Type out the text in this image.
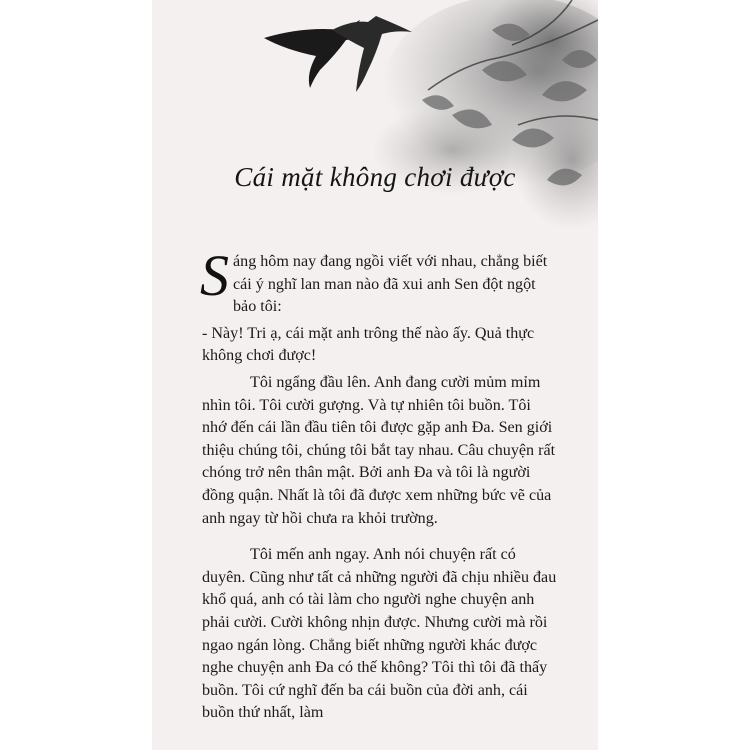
Cái mặt không chơi được

Sáng hôm nay đang ngồi viết với nhau, chẳng biết cái ý nghĩ lan man nào đã xui anh Sen đột ngột bảo tôi:

- Này! Tri ạ, cái mặt anh trông thế nào ấy. Quả thực không chơi được!

Tôi ngẩng đầu lên. Anh đang cười mủm mỉm nhìn tôi. Tôi cười gượng. Và tự nhiên tôi buồn. Tôi nhớ đến cái lần đầu tiên tôi được gặp anh Đa. Sen giới thiệu chúng tôi, chúng tôi bắt tay nhau. Câu chuyện rất chóng trở nên thân mật. Bởi anh Đa và tôi là người đồng quận. Nhất là tôi đã được xem những bức vẽ của anh ngay từ hồi chưa ra khỏi trường.

Tôi mến anh ngay. Anh nói chuyện rất có duyên. Cũng như tất cả những người đã chịu nhiều đau khổ quá, anh có tài làm cho người nghe chuyện anh phải cười. Cười không nhịn được. Nhưng cười mà rồi ngao ngán lòng. Chẳng biết những người khác được nghe chuyện anh Đa có thế không? Tôi thì tôi đã thấy buồn. Tôi cứ nghĩ đến ba cái buồn của đời anh, cái buồn thứ nhất, làm
